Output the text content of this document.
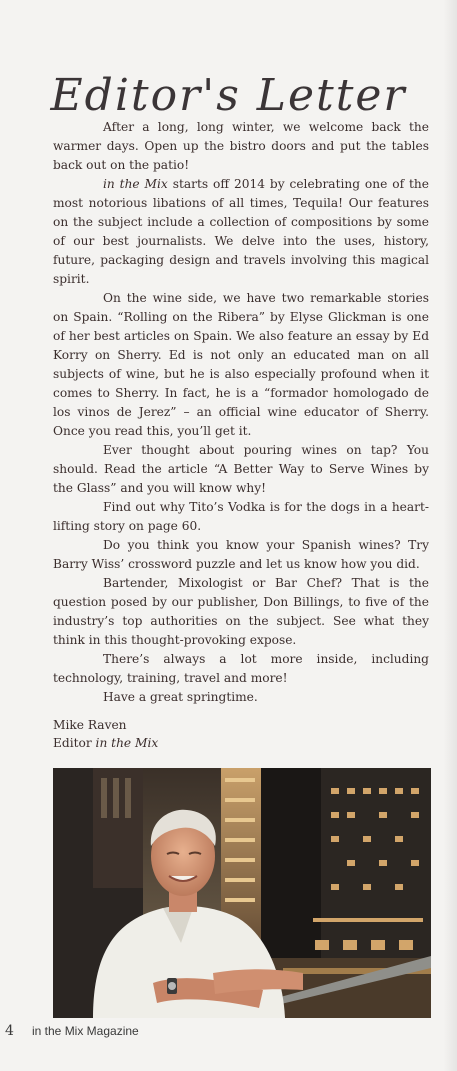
Editor's Letter

After a long, long winter, we welcome back the warmer days. Open up the bistro doors and put the tables back out on the patio!

in the Mix starts off 2014 by celebrating one of the most notorious libations of all times, Tequila! Our features on the subject include a collection of compositions by some of our best journalists. We delve into the uses, history, future, packaging design and travels involving this magical spirit.

On the wine side, we have two remarkable stories on Spain. “Rolling on the Ribera” by Elyse Glickman is one of her best articles on Spain. We also feature an essay by Ed Korry on Sherry. Ed is not only an educated man on all subjects of wine, but he is also especially profound when it comes to Sherry. In fact, he is a “formador homologado de los vinos de Jerez” – an official wine educator of Sherry. Once you read this, you’ll get it.

Ever thought about pouring wines on tap? You should. Read the article “A Better Way to Serve Wines by the Glass” and you will know why!

Find out why Tito’s Vodka is for the dogs in a heart-lifting story on page 60.

Do you think you know your Spanish wines? Try Barry Wiss’ crossword puzzle and let us know how you did.

Bartender, Mixologist or Bar Chef? That is the question posed by our publisher, Don Billings, to five of the industry’s top authorities on the subject. See what they think in this thought-provoking expose.

There’s always a lot more inside, including technology, training, travel and more!

Have a great springtime.

Mike Raven
Editor in the Mix
4 in the Mix Magazine
